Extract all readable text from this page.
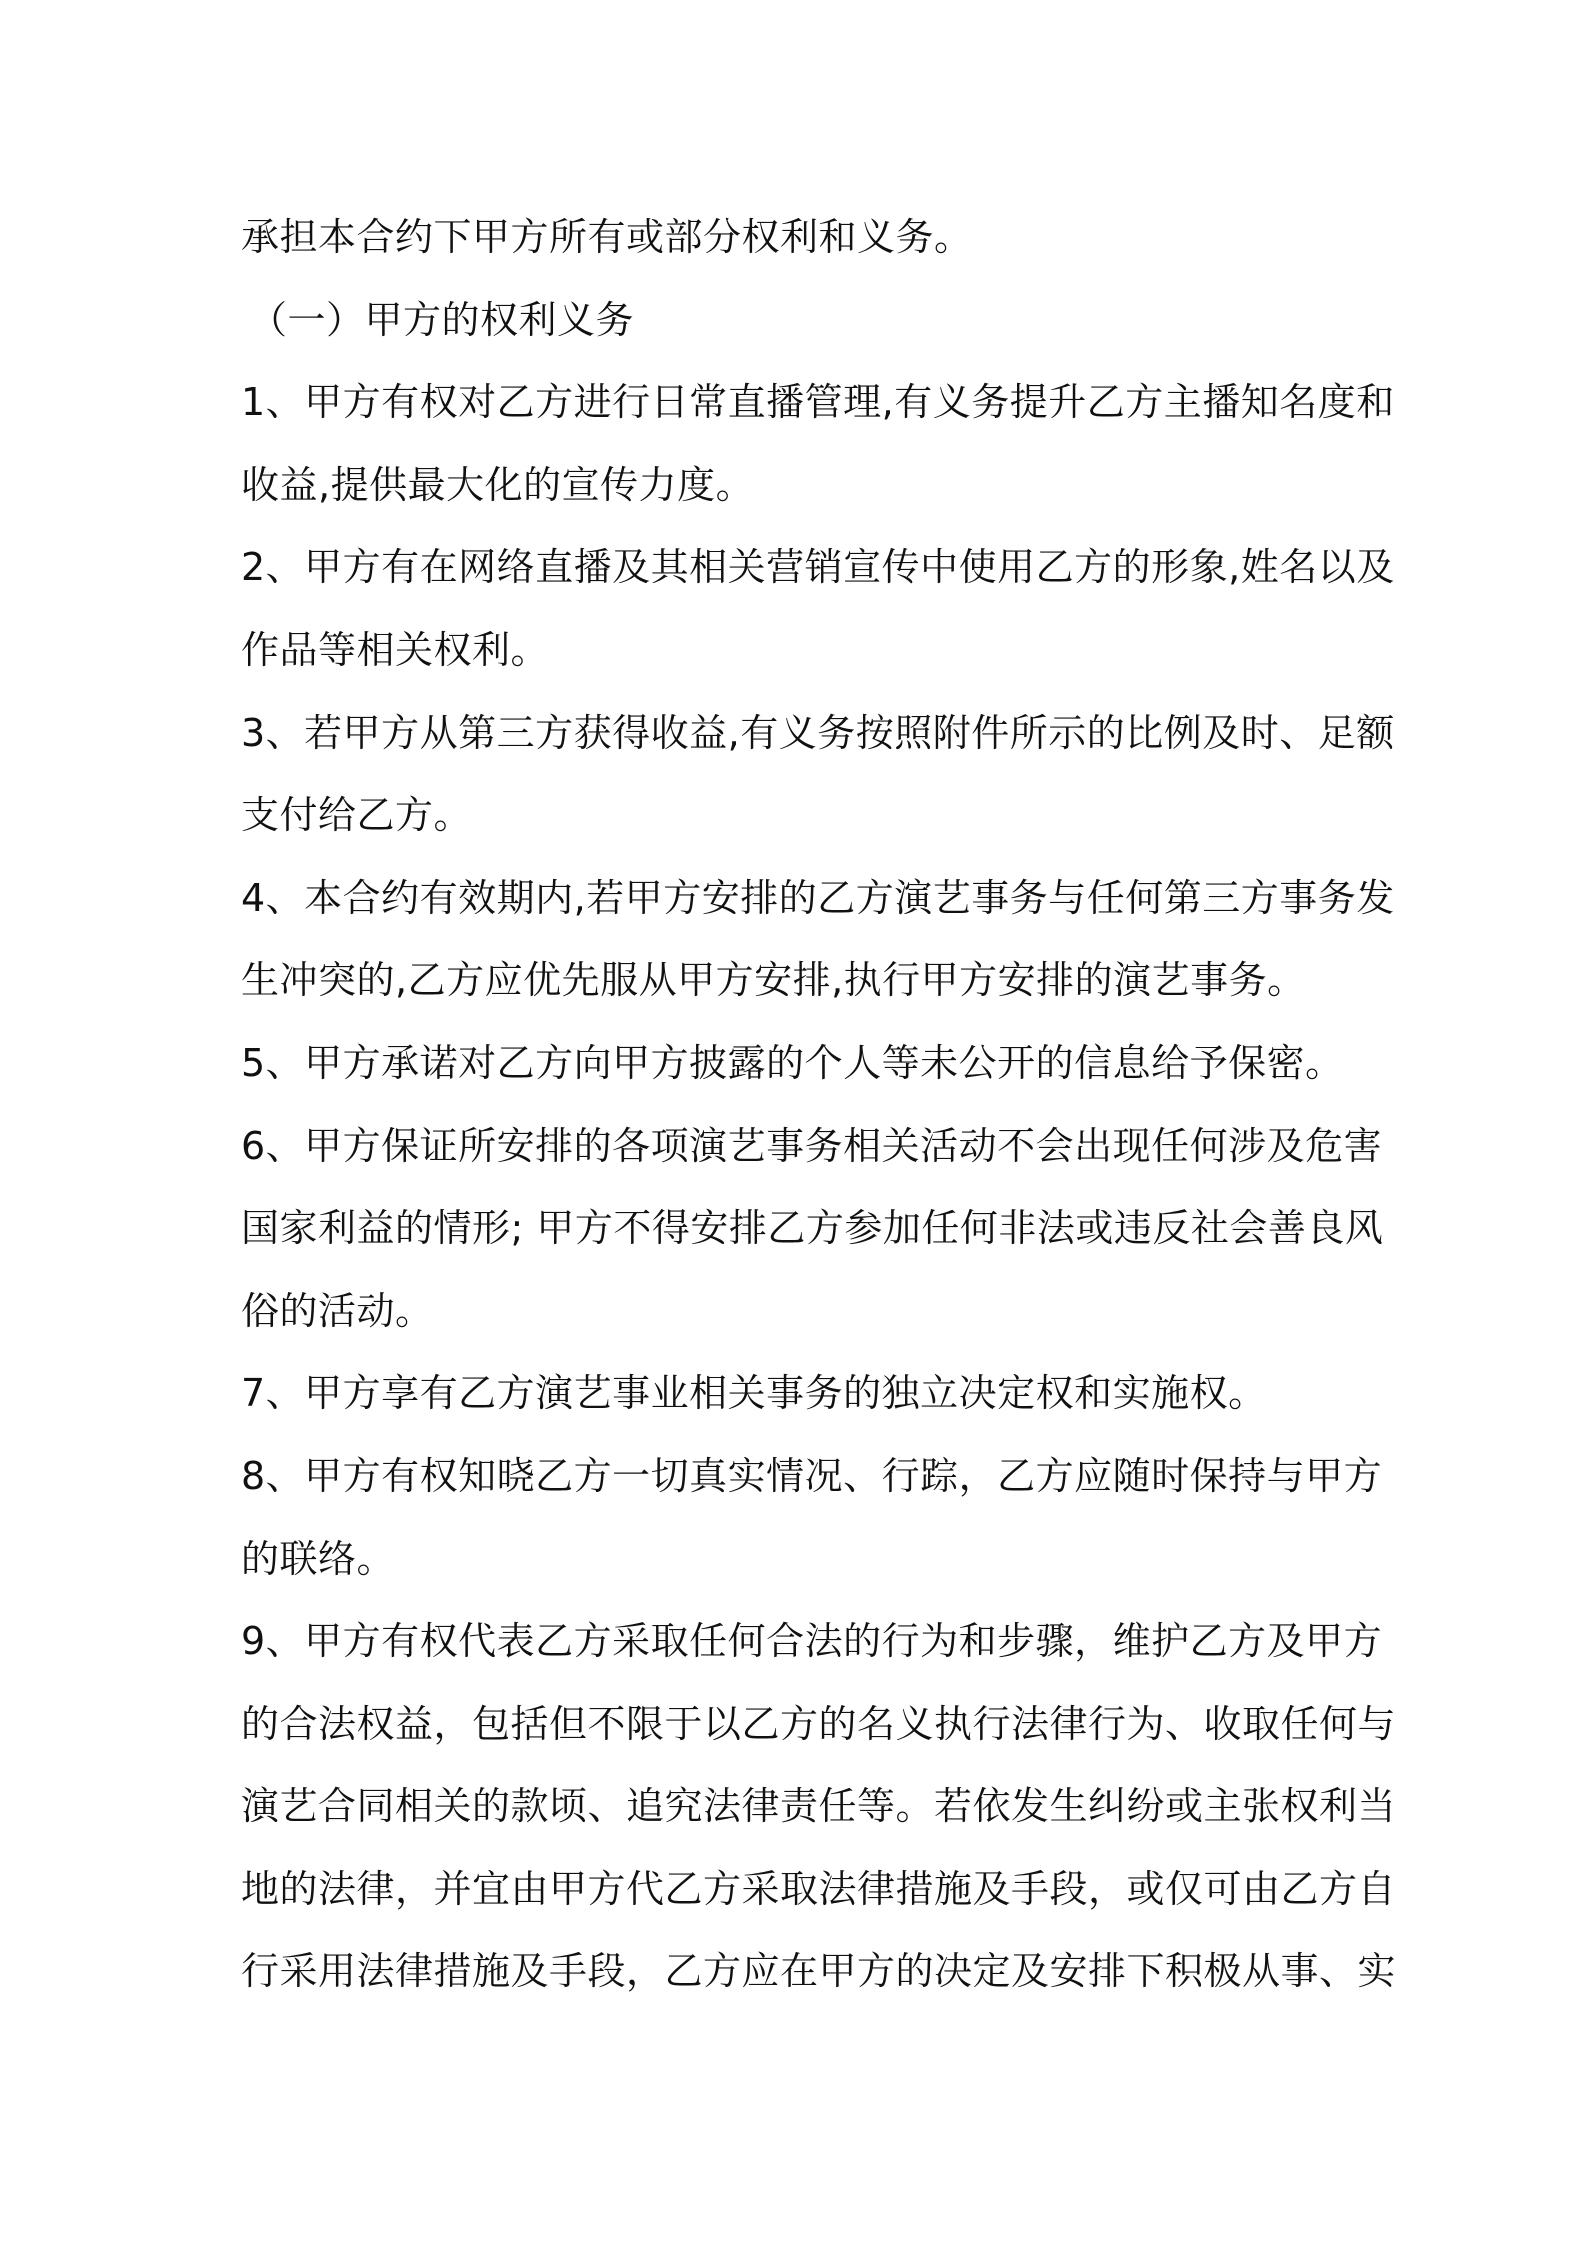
承担本合约下甲方所有或部分权利和义务。
（一）甲方的权利义务
1、甲方有权对乙方进行日常直播管理,有义务提升乙方主播知名度和
收益,提供最大化的宣传力度。
2、甲方有在网络直播及其相关营销宣传中使用乙方的形象,姓名以及
作品等相关权利。
3、若甲方从第三方获得收益,有义务按照附件所示的比例及时、足额
支付给乙方。
4、本合约有效期内,若甲方安排的乙方演艺事务与任何第三方事务发
生冲突的,乙方应优先服从甲方安排,执行甲方安排的演艺事务。
5、甲方承诺对乙方向甲方披露的个人等未公开的信息给予保密。
6、甲方保证所安排的各项演艺事务相关活动不会出现任何涉及危害
国家利益的情形; 甲方不得安排乙方参加任何非法或违反社会善良风
俗的活动。
7、甲方享有乙方演艺事业相关事务的独立决定权和实施权。
8、甲方有权知晓乙方一切真实情况、行踪，乙方应随时保持与甲方
的联络。
9、甲方有权代表乙方采取任何合法的行为和步骤，维护乙方及甲方
的合法权益，包括但不限于以乙方的名义执行法律行为、收取任何与
演艺合同相关的款顷、追究法律责任等。若依发生纠纷或主张权利当
地的法律，并宜由甲方代乙方采取法律措施及手段，或仅可由乙方自
行采用法律措施及手段，乙方应在甲方的决定及安排下积极从事、实
